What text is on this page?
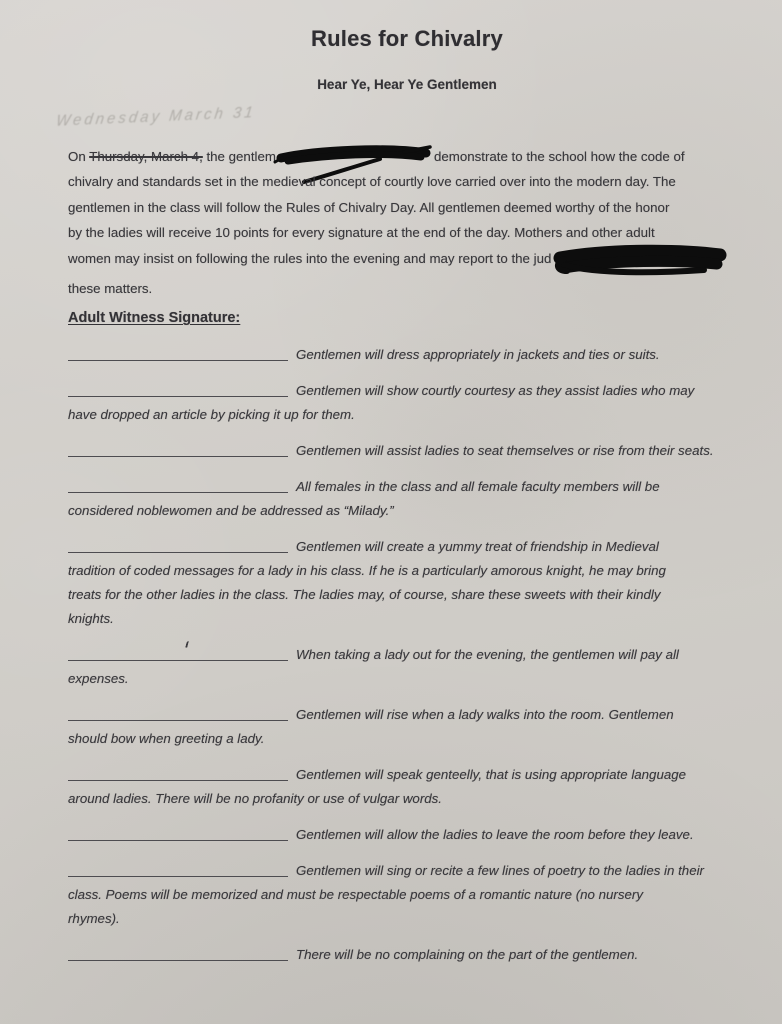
Rules for Chivalry
Hear Ye, Hear Ye Gentlemen
Wednesday March 31
On Thursday, March 4, the gentlem	demonstrate to the school how the code of
chivalry and standards set in the medieval concept of courtly love carried over into the modern day. The
gentlemen in the class will follow the Rules of Chivalry Day. All gentlemen deemed worthy of the honor
by the ladies will receive 10 points for every signature at the end of the day. Mothers and other adult
women may insist on following the rules into the evening and may report to the jud
these matters.
Adult Witness Signature:
Gentlemen will dress appropriately in jackets and ties or suits.
Gentlemen will show courtly courtesy as they assist ladies who may
have dropped an article by picking it up for them.
Gentlemen will assist ladies to seat themselves or rise from their seats.
All females in the class and all female faculty members will be
considered noblewomen and be addressed as “Milady.”
Gentlemen will create a yummy treat of friendship in Medieval
tradition of coded messages for a lady in his class. If he is a particularly amorous knight, he may bring
treats for the other ladies in the class. The ladies may, of course, share these sweets with their kindly
knights.
When taking a lady out for the evening, the gentlemen will pay all
expenses.
Gentlemen will rise when a lady walks into the room. Gentlemen
should bow when greeting a lady.
Gentlemen will speak genteelly, that is using appropriate language
around ladies. There will be no profanity or use of vulgar words.
Gentlemen will allow the ladies to leave the room before they leave.
Gentlemen will sing or recite a few lines of poetry to the ladies in their
class. Poems will be memorized and must be respectable poems of a romantic nature (no nursery
rhymes).
There will be no complaining on the part of the gentlemen.
